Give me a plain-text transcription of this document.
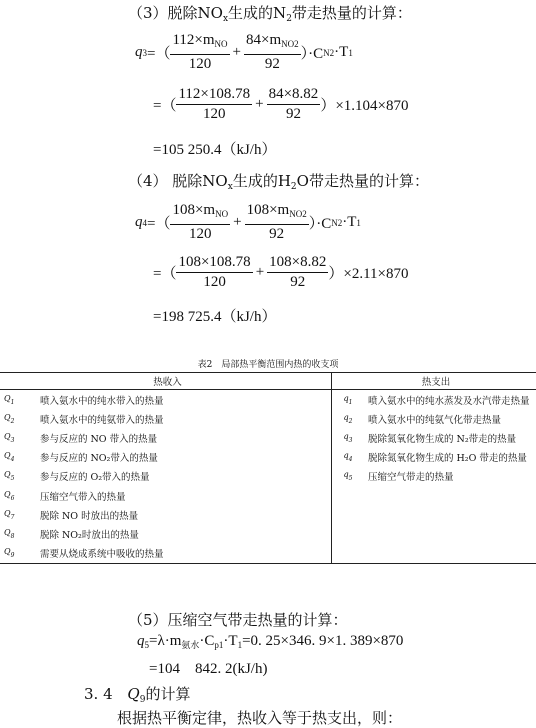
（3）脱除$NO_x$生成的$N_2$带走热量的计算：
q 3 =（ $\frac{112\times m_{NO}}{120} + \frac{84\times m_{NO2}}{92} )\cdot C$ N2 ·T 1
=（ $\frac{112\times 108.78}{120} + \frac{84\times 8.82}{92} )\times 1.104\times 870$
=105 250.4（kJ/h）
（4） 脱除$NO_x$生成的$H_2O$带走热量的计算：
q 4 =（ $\frac{108\times m_{NO}}{120} + \frac{108\times m_{NO2}}{92} )\cdot C$ N2 ·T 1
=（ $\frac{108\times 108.78}{120} + \frac{108\times 8.82}{92} )\times 2.11\times 870$
=198 725.4（kJ/h）
表2　局部热平衡范围内热的收支项
热收入		热支出	
$Q_1$	喷入氨水中的纯水带入的热量	$q_1$	喷入氨水中的纯水蒸发及水汽带走热量
$Q_2$	喷入氨水中的纯氨带入的热量	$q_2$	喷入氨水中的纯氨气化带走热量
$Q_3$	参与反应的 NO 带入的热量	$q_3$	脱除氮氧化物生成的 N₂带走的热量
$Q_4$	参与反应的 NO₂带入的热量	$q_4$	脱除氮氧化物生成的 H₂O 带走的热量
$Q_5$	参与反应的 O₂带入的热量	$q_5$	压缩空气带走的热量
$Q_6$	压缩空气带入的热量		
$Q_7$	脱除 NO 时放出的热量		
$Q_8$	脱除 NO₂时放出的热量		
$Q_9$	需要从烧成系统中吸收的热量		
（5）压缩空气带走热量的计算：
$q_5=\lambda\cdot m_{氨水}\cdot C_{p1}\cdot T_1=0$. 25×346. 9×1. 389×870
=104　842. 2(kJ/h)
3. 4 $Q_9$的计算
根据热平衡定律，热收入等于热支出，则：
